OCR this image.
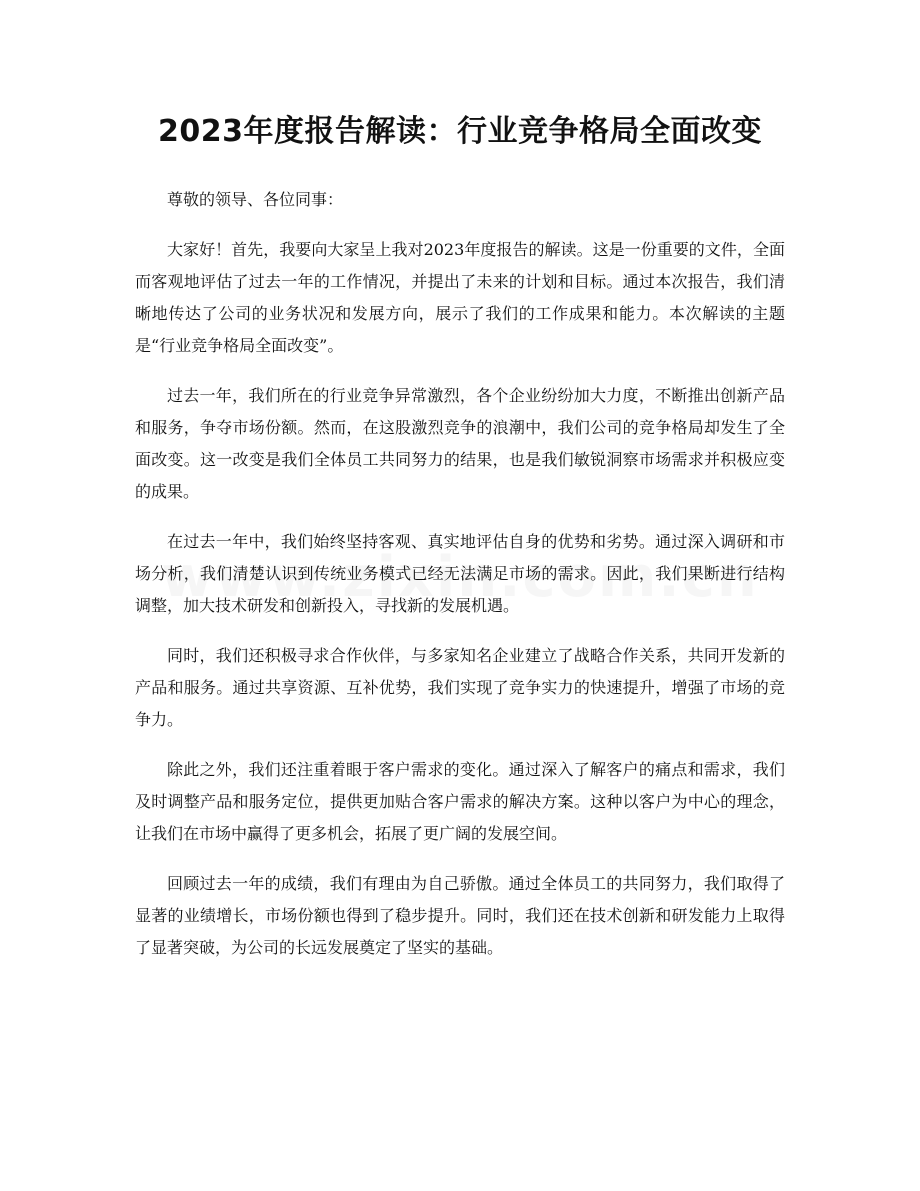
2023年度报告解读：行业竞争格局全面改变

尊敬的领导、各位同事：

大家好！首先，我要向大家呈上我对2023年度报告的解读。这是一份重要的文件，全面而客观地评估了过去一年的工作情况，并提出了未来的计划和目标。通过本次报告，我们清晰地传达了公司的业务状况和发展方向，展示了我们的工作成果和能力。本次解读的主题是“行业竞争格局全面改变”。

过去一年，我们所在的行业竞争异常激烈，各个企业纷纷加大力度，不断推出创新产品和服务，争夺市场份额。然而，在这股激烈竞争的浪潮中，我们公司的竞争格局却发生了全面改变。这一改变是我们全体员工共同努力的结果，也是我们敏锐洞察市场需求并积极应变的成果。

在过去一年中，我们始终坚持客观、真实地评估自身的优势和劣势。通过深入调研和市场分析，我们清楚认识到传统业务模式已经无法满足市场的需求。因此，我们果断进行结构调整，加大技术研发和创新投入，寻找新的发展机遇。

同时，我们还积极寻求合作伙伴，与多家知名企业建立了战略合作关系，共同开发新的产品和服务。通过共享资源、互补优势，我们实现了竞争实力的快速提升，增强了市场的竞争力。

除此之外，我们还注重着眼于客户需求的变化。通过深入了解客户的痛点和需求，我们及时调整产品和服务定位，提供更加贴合客户需求的解决方案。这种以客户为中心的理念，让我们在市场中赢得了更多机会，拓展了更广阔的发展空间。

回顾过去一年的成绩，我们有理由为自己骄傲。通过全体员工的共同努力，我们取得了显著的业绩增长，市场份额也得到了稳步提升。同时，我们还在技术创新和研发能力上取得了显著突破，为公司的长远发展奠定了坚实的基础。
